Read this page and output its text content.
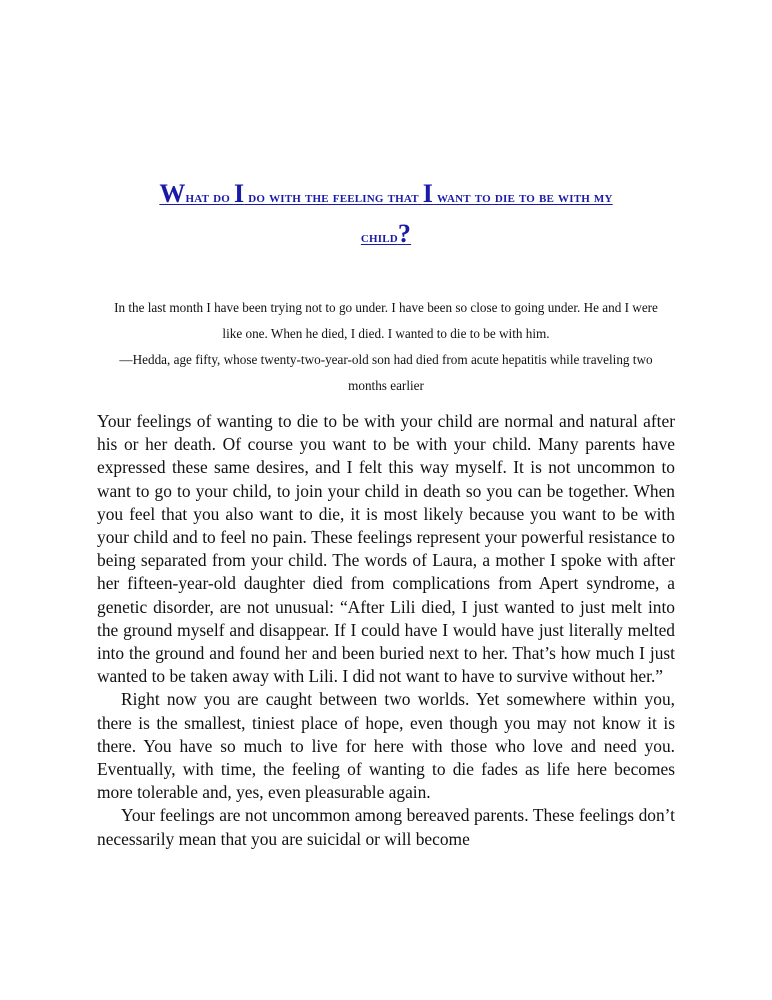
What do I do with the feeling that I want to die to be with my
child?

In the last month I have been trying not to go under. I have been so close to going under. He and I were like one. When he died, I died. I wanted to die to be with him.

—Hedda, age fifty, whose twenty-two-year-old son had died from acute hepatitis while traveling two months earlier

Your feelings of wanting to die to be with your child are normal and natural after his or her death. Of course you want to be with your child. Many parents have expressed these same desires, and I felt this way myself. It is not uncommon to want to go to your child, to join your child in death so you can be together. When you feel that you also want to die, it is most likely because you want to be with your child and to feel no pain. These feelings represent your powerful resistance to being separated from your child. The words of Laura, a mother I spoke with after her fifteen-year-old daughter died from complications from Apert syndrome, a genetic disorder, are not unusual: “After Lili died, I just wanted to just melt into the ground myself and disappear. If I could have I would have just literally melted into the ground and found her and been buried next to her. That’s how much I just wanted to be taken away with Lili. I did not want to have to survive without her.”

Right now you are caught between two worlds. Yet somewhere within you, there is the smallest, tiniest place of hope, even though you may not know it is there. You have so much to live for here with those who love and need you. Eventually, with time, the feeling of wanting to die fades as life here becomes more tolerable and, yes, even pleasurable again.

Your feelings are not uncommon among bereaved parents. These feelings don’t necessarily mean that you are suicidal or will become
